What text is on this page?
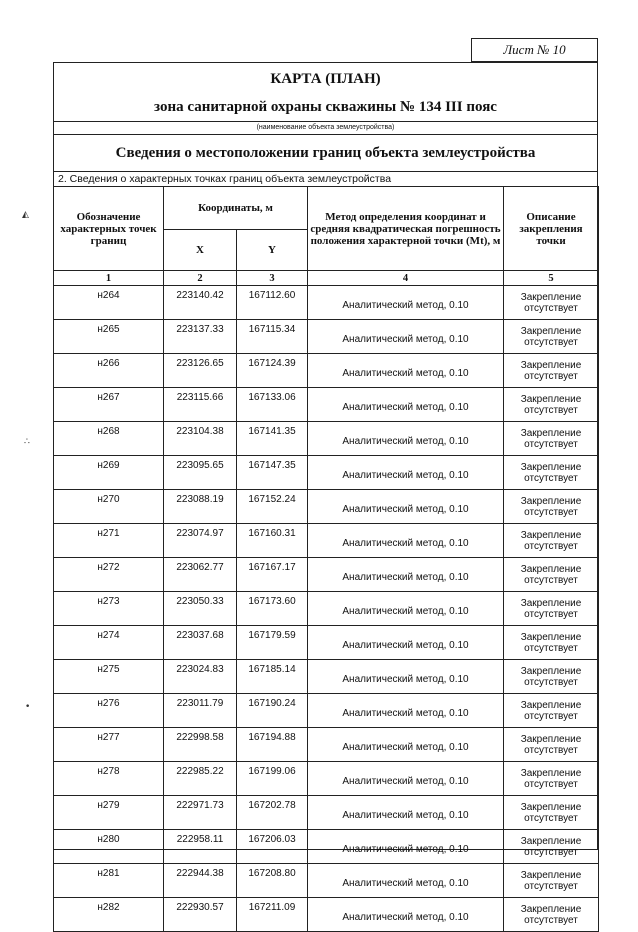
Лист № 10
◭
∴
•
КАРТА (ПЛАН)
зона санитарной охраны скважины № 134 III пояс
(наименование объекта землеустройства)
Сведения о местоположении границ объекта землеустройства
2. Сведения о характерных точках границ объекта землеустройства
Обозначение характерных точек границ	Координаты, м		Метод определения координат и средняя квадратическая погрешность положения характерной точки (Mt), м	Описание закрепления точки
	X	Y		
1	2	3	4	5
н264	223140.42	167112.60	Аналитический метод, 0.10	Закрепление отсутствует
н265	223137.33	167115.34	Аналитический метод, 0.10	Закрепление отсутствует
н266	223126.65	167124.39	Аналитический метод, 0.10	Закрепление отсутствует
н267	223115.66	167133.06	Аналитический метод, 0.10	Закрепление отсутствует
н268	223104.38	167141.35	Аналитический метод, 0.10	Закрепление отсутствует
н269	223095.65	167147.35	Аналитический метод, 0.10	Закрепление отсутствует
н270	223088.19	167152.24	Аналитический метод, 0.10	Закрепление отсутствует
н271	223074.97	167160.31	Аналитический метод, 0.10	Закрепление отсутствует
н272	223062.77	167167.17	Аналитический метод, 0.10	Закрепление отсутствует
н273	223050.33	167173.60	Аналитический метод, 0.10	Закрепление отсутствует
н274	223037.68	167179.59	Аналитический метод, 0.10	Закрепление отсутствует
н275	223024.83	167185.14	Аналитический метод, 0.10	Закрепление отсутствует
н276	223011.79	167190.24	Аналитический метод, 0.10	Закрепление отсутствует
н277	222998.58	167194.88	Аналитический метод, 0.10	Закрепление отсутствует
н278	222985.22	167199.06	Аналитический метод, 0.10	Закрепление отсутствует
н279	222971.73	167202.78	Аналитический метод, 0.10	Закрепление отсутствует
н280	222958.11	167206.03	Аналитический метод, 0.10	Закрепление отсутствует
н281	222944.38	167208.80	Аналитический метод, 0.10	Закрепление отсутствует
н282	222930.57	167211.09	Аналитический метод, 0.10	Закрепление отсутствует
